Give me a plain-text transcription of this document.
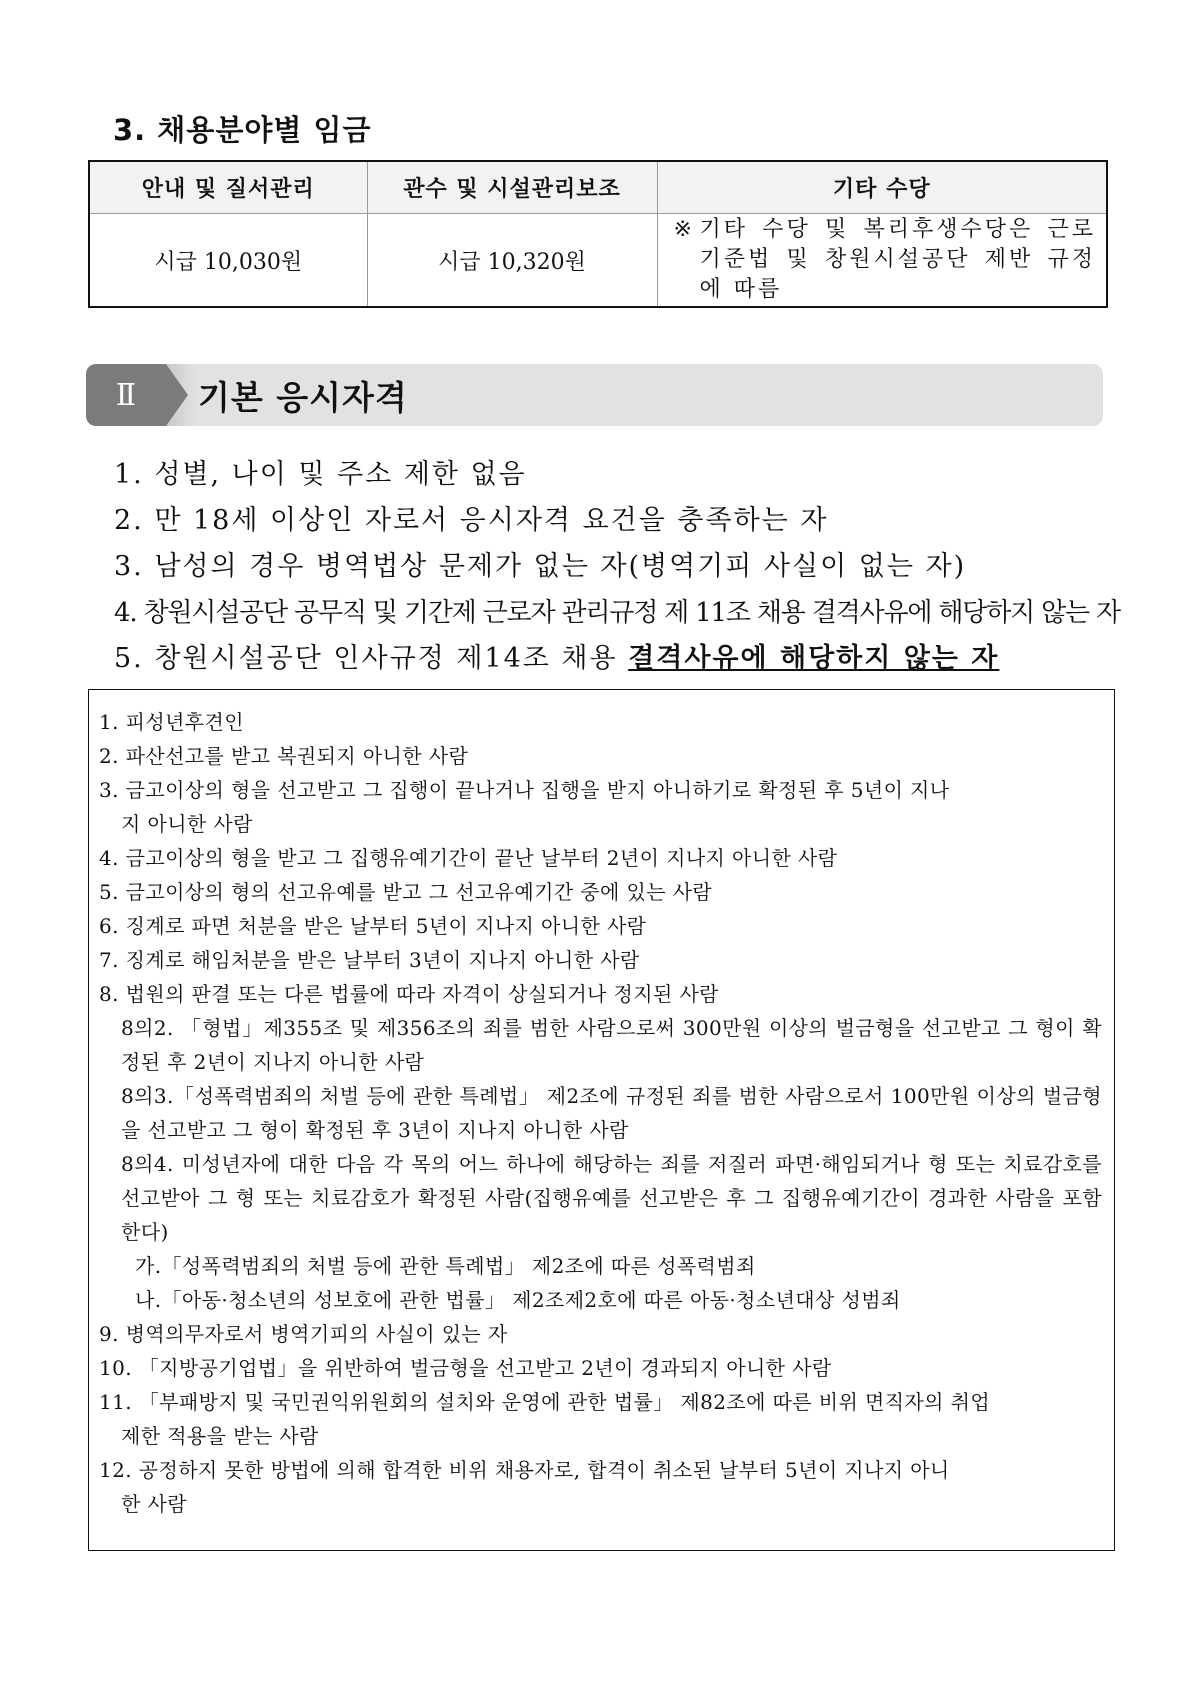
3. 채용분야별 임금
안내 및 질서관리	관수 및 시설관리보조	기타 수당
시급 10,030원	시급 10,320원	※ 기타 수당 및 복리후생수당은 근로기준법 및 창원시설공단 제반 규정에 따름
Ⅱ	기본 응시자격
1. 성별, 나이 및 주소 제한 없음
2. 만 18세 이상인 자로서 응시자격 요건을 충족하는 자
3. 남성의 경우 병역법상 문제가 없는 자(병역기피 사실이 없는 자)
4. 창원시설공단 공무직 및 기간제 근로자 관리규정 제 11조 채용 결격사유에 해당하지 않는 자
5. 창원시설공단 인사규정 제14조 채용 결격사유에 해당하지 않는 자
1. 피성년후견인
2. 파산선고를 받고 복권되지 아니한 사람
3. 금고이상의 형을 선고받고 그 집행이 끝나거나 집행을 받지 아니하기로 확정된 후 5년이 지나
지 아니한 사람
4. 금고이상의 형을 받고 그 집행유예기간이 끝난 날부터 2년이 지나지 아니한 사람
5. 금고이상의 형의 선고유예를 받고 그 선고유예기간 중에 있는 사람
6. 징계로 파면 처분을 받은 날부터 5년이 지나지 아니한 사람
7. 징계로 해임처분을 받은 날부터 3년이 지나지 아니한 사람
8. 법원의 판결 또는 다른 법률에 따라 자격이 상실되거나 정지된 사람
8의2. 「형법」제355조 및 제356조의 죄를 범한 사람으로써 300만원 이상의 벌금형을 선고받고 그 형이 확정된 후 2년이 지나지 아니한 사람
8의3.「성폭력범죄의 처벌 등에 관한 특례법」 제2조에 규정된 죄를 범한 사람으로서 100만원 이상의 벌금형을 선고받고 그 형이 확정된 후 3년이 지나지 아니한 사람
8의4. 미성년자에 대한 다음 각 목의 어느 하나에 해당하는 죄를 저질러 파면·해임되거나 형 또는 치료감호를 선고받아 그 형 또는 치료감호가 확정된 사람(집행유예를 선고받은 후 그 집행유예기간이 경과한 사람을 포함한다)
가.「성폭력범죄의 처벌 등에 관한 특례법」 제2조에 따른 성폭력범죄
나.「아동·청소년의 성보호에 관한 법률」 제2조제2호에 따른 아동·청소년대상 성범죄
9. 병역의무자로서 병역기피의 사실이 있는 자
10. 「지방공기업법」을 위반하여 벌금형을 선고받고 2년이 경과되지 아니한 사람
11. 「부패방지 및 국민권익위원회의 설치와 운영에 관한 법률」 제82조에 따른 비위 면직자의 취업
제한 적용을 받는 사람
12. 공정하지 못한 방법에 의해 합격한 비위 채용자로, 합격이 취소된 날부터 5년이 지나지 아니
한 사람
